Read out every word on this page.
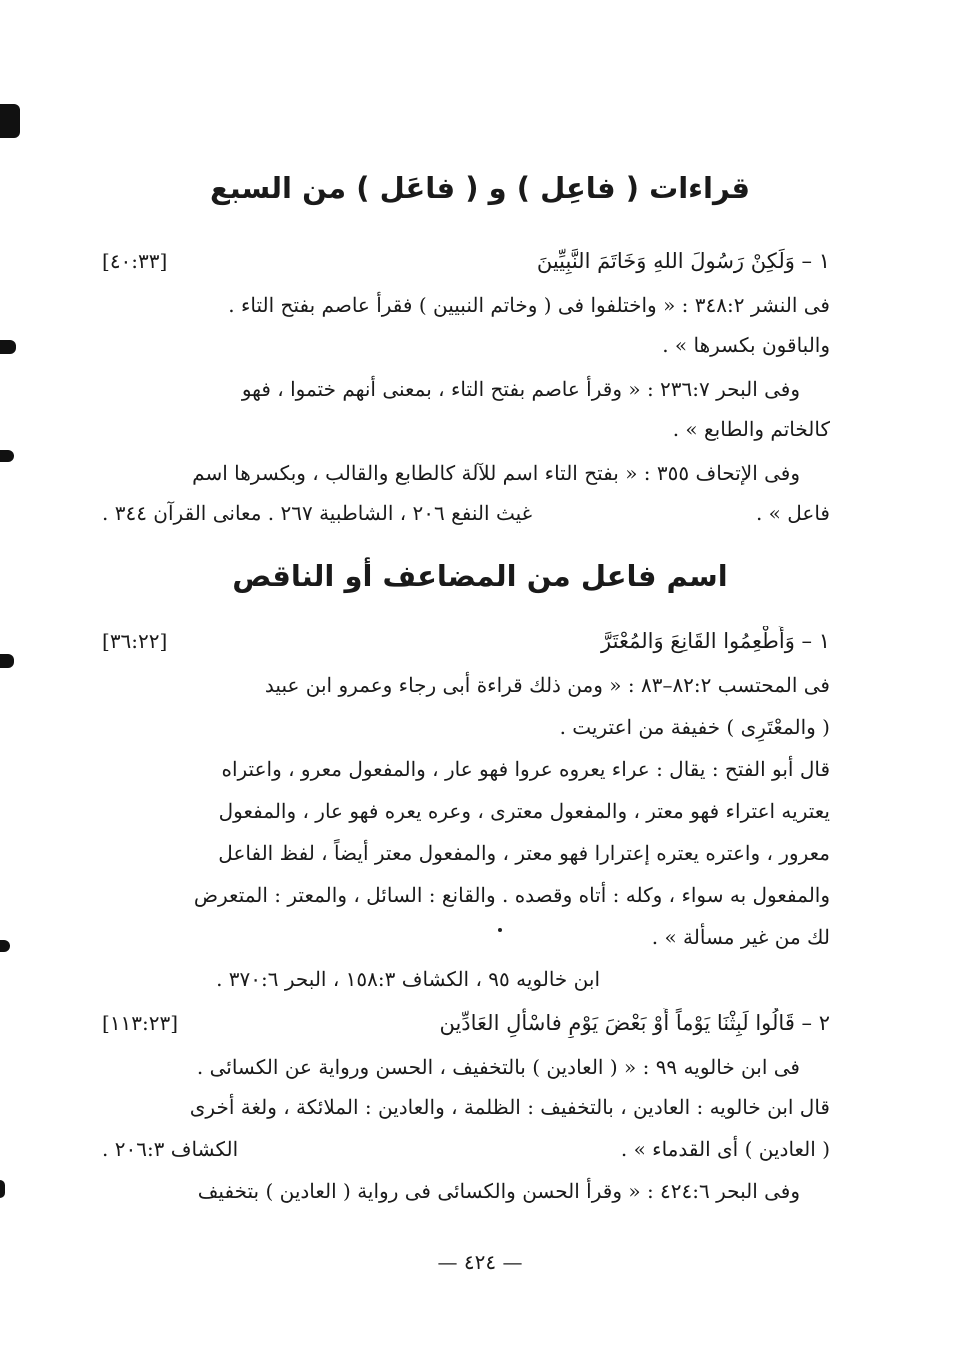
قراءات ( فاعِل ) و ( فاعَل ) من السبع
١ – وَلَكِنْ رَسُولَ اللهِ وَخَاتَمَ النَّبِيِّينَ
[٤٠:٣٣]
فى النشر ٣٤٨:٢ : « واختلفوا فى ( وخاتم النبيين ) فقرأ عاصم بفتح التاء .
والباقون بكسرها » .
وفى البحر ٢٣٦:٧ : « وقرأ عاصم بفتح التاء ، بمعنى أنهم ختموا ، فهو
كالخاتم والطابع » .
وفى الإتحاف ٣٥٥ : « بفتح التاء اسم للآلة كالطابع والقالب ، وبكسرها اسم
فاعل » .
غيث النفع ٢٠٦ ، الشاطبية ٢٦٧ . معانى القرآن ٣٤٤ .
اسم فاعل من المضاعف أو الناقص
١ – وَأَطْعِمُوا القَانِعَ وَالمُعْتَرَّ
[٣٦:٢٢]
فى المحتسب ٨٢:٢–٨٣ : « ومن ذلك قراءة أبى رجاء وعمرو ابن عبيد
( والمعْتَرِى ) خفيفة من اعتريت .
قال أبو الفتح : يقال : عراء يعروه عروا فهو عار ، والمفعول معرو ، واعتراه
يعتريه اعتراء فهو معتر ، والمفعول معترى ، وعره يعره فهو عار ، والمفعول
معرور ، واعتره يعتره إعترارا فهو معتر ، والمفعول معتر أيضاً ، لفظ الفاعل
والمفعول به سواء ، وكله : أتاه وقصده . والقانع : السائل ، والمعتر : المتعرض
لك من غير مسألة » .
ابن خالويه ٩٥ ، الكشاف ١٥٨:٣ ، البحر ٣٧٠:٦ .
٢ – قَالُوا لَبِثْنَا يَوْماً أَوْ بَعْضَ يَوْمٍ فاسْأَلِ العَادِّين
[١١٣:٢٣]
فى ابن خالويه ٩٩ : « ( العادين ) بالتخفيف ، الحسن ورواية عن الكسائى .
قال ابن خالويه : العادين ، بالتخفيف : الظلمة ، والعادين : الملائكة ، ولغة أخرى
( العادين ) أى القدماء » .
الكشاف ٢٠٦:٣ .
وفى البحر ٤٢٤:٦ : « وقرأ الحسن والكسائى فى رواية ( العادين ) بتخفيف
— ٤٢٤ —
